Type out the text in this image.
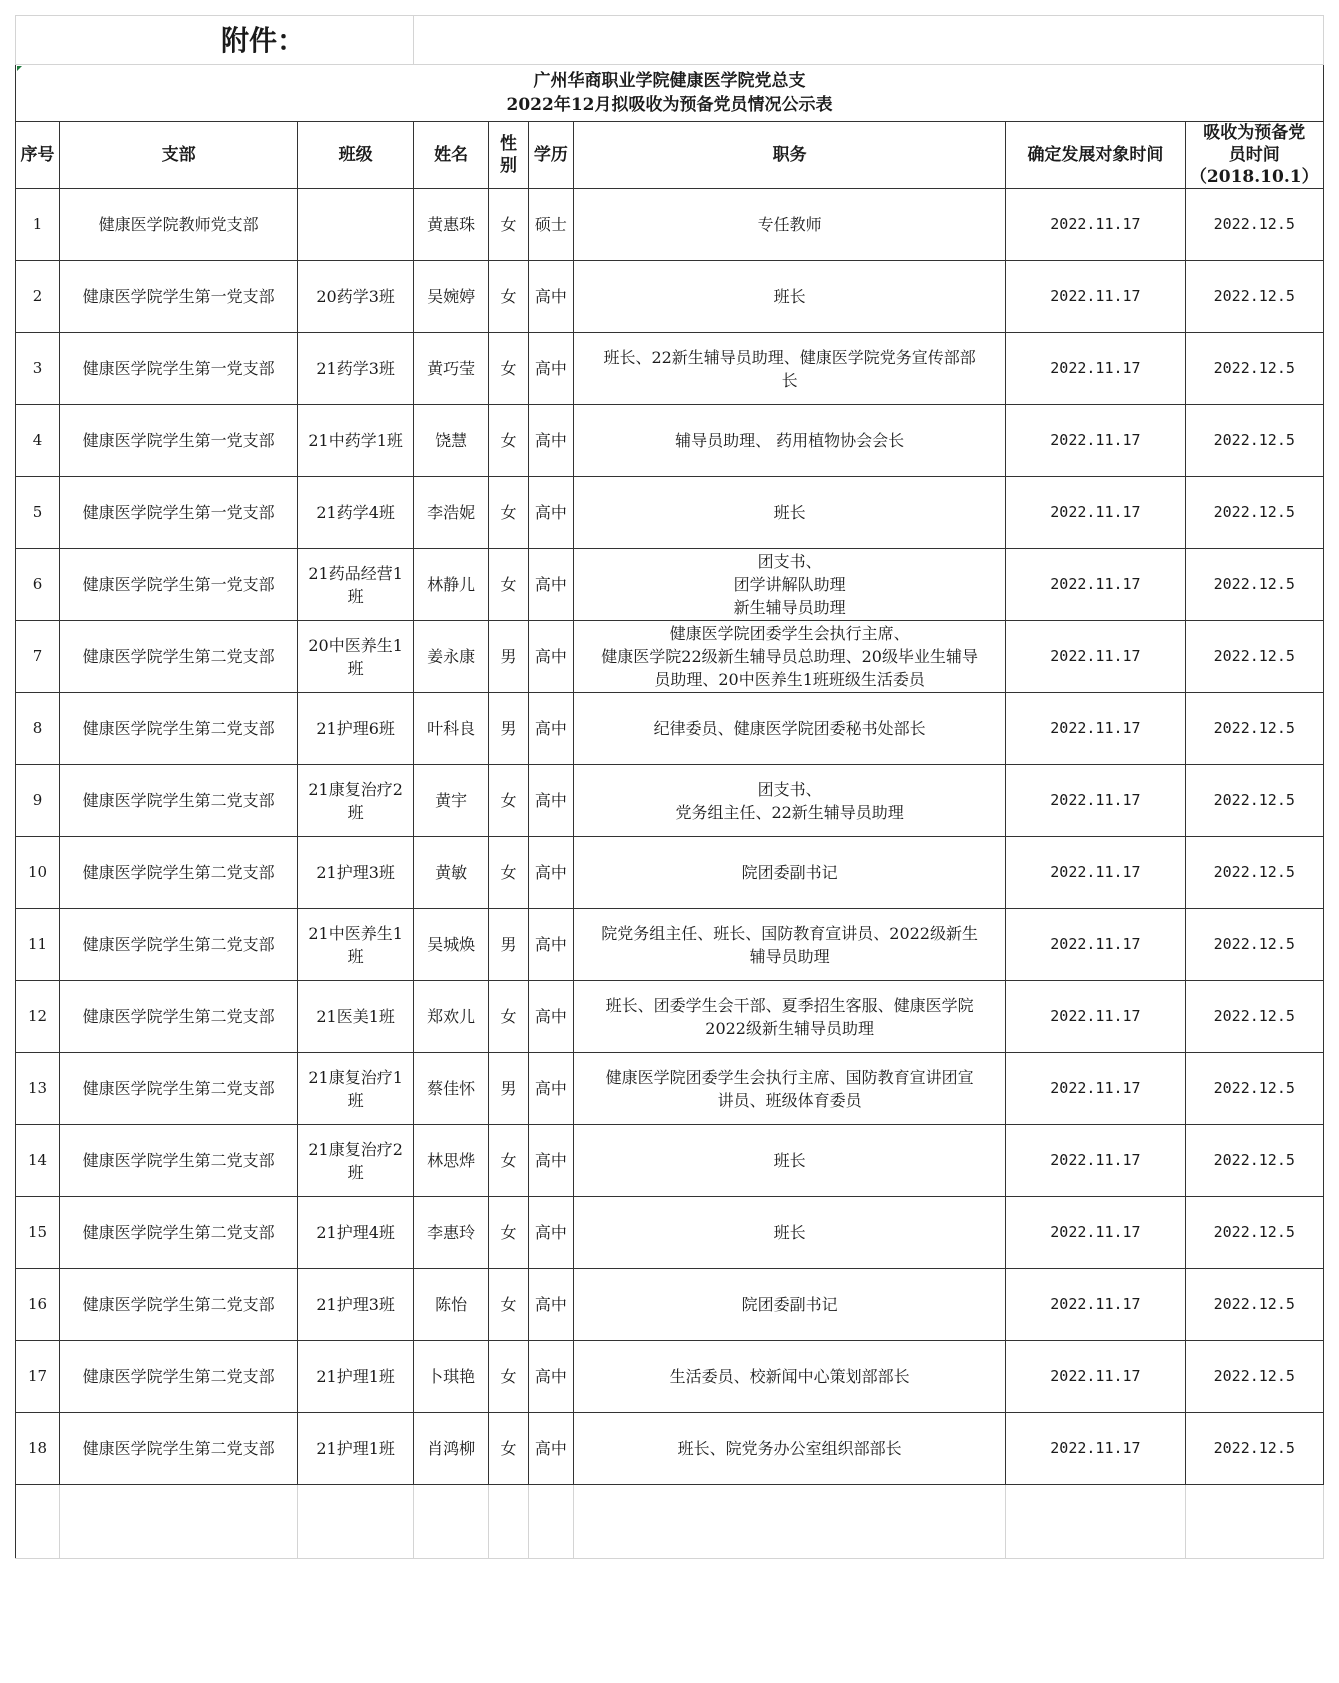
附件：								

广州华商职业学院健康医学院党总支
2022年12月拟吸收为预备党员情况公示表								

序号	支部	班级	姓名	性别	学历	职务	确定发展对象时间	吸收为预备党
员时间
（2018.10.1）

1	健康医学院教师党支部		黄惠珠	女	硕士	专任教师	2022.11.17	2022.12.5
2	健康医学院学生第一党支部	20药学3班	吴婉婷	女	高中	班长	2022.11.17	2022.12.5
3	健康医学院学生第一党支部	21药学3班	黄巧莹	女	高中	班长、22新生辅导员助理、健康医学院党务宣传部部
长	2022.11.17	2022.12.5
4	健康医学院学生第一党支部	21中药学1班	饶慧	女	高中	辅导员助理、 药用植物协会会长	2022.11.17	2022.12.5
5	健康医学院学生第一党支部	21药学4班	李浩妮	女	高中	班长	2022.11.17	2022.12.5
6	健康医学院学生第一党支部	21药品经营1班	林静儿	女	高中	团支书、
团学讲解队助理
新生辅导员助理	2022.11.17	2022.12.5
7	健康医学院学生第二党支部	20中医养生1班	姜永康	男	高中	健康医学院团委学生会执行主席、
健康医学院22级新生辅导员总助理、20级毕业生辅导
员助理、20中医养生1班班级生活委员	2022.11.17	2022.12.5
8	健康医学院学生第二党支部	21护理6班	叶科良	男	高中	纪律委员、健康医学院团委秘书处部长	2022.11.17	2022.12.5
9	健康医学院学生第二党支部	21康复治疗2班	黄宇	女	高中	团支书、
党务组主任、22新生辅导员助理	2022.11.17	2022.12.5
10	健康医学院学生第二党支部	21护理3班	黄敏	女	高中	院团委副书记	2022.11.17	2022.12.5
11	健康医学院学生第二党支部	21中医养生1班	吴城焕	男	高中	院党务组主任、班长、国防教育宣讲员、2022级新生
辅导员助理	2022.11.17	2022.12.5
12	健康医学院学生第二党支部	21医美1班	郑欢儿	女	高中	班长、团委学生会干部、夏季招生客服、健康医学院
2022级新生辅导员助理	2022.11.17	2022.12.5
13	健康医学院学生第二党支部	21康复治疗1班	蔡佳怀	男	高中	健康医学院团委学生会执行主席、国防教育宣讲团宣
讲员、班级体育委员	2022.11.17	2022.12.5
14	健康医学院学生第二党支部	21康复治疗2班	林思烨	女	高中	班长	2022.11.17	2022.12.5
15	健康医学院学生第二党支部	21护理4班	李惠玲	女	高中	班长	2022.11.17	2022.12.5
16	健康医学院学生第二党支部	21护理3班	陈怡	女	高中	院团委副书记	2022.11.17	2022.12.5
17	健康医学院学生第二党支部	21护理1班	卜琪艳	女	高中	生活委员、校新闻中心策划部部长	2022.11.17	2022.12.5
18	健康医学院学生第二党支部	21护理1班	肖鸿柳	女	高中	班长、院党务办公室组织部部长	2022.11.17	2022.12.5
